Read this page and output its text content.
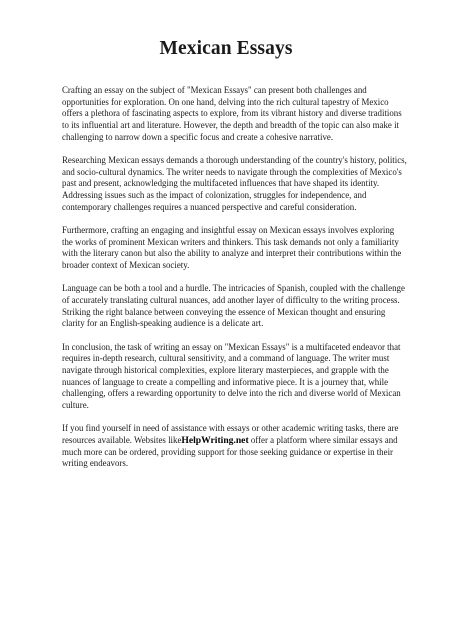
Mexican Essays

Crafting an essay on the subject of "Mexican Essays" can present both challenges and opportunities for exploration. On one hand, delving into the rich cultural tapestry of Mexico offers a plethora of fascinating aspects to explore, from its vibrant history and diverse traditions to its influential art and literature. However, the depth and breadth of the topic can also make it challenging to narrow down a specific focus and create a cohesive narrative.

Researching Mexican essays demands a thorough understanding of the country's history, politics, and socio-cultural dynamics. The writer needs to navigate through the complexities of Mexico's past and present, acknowledging the multifaceted influences that have shaped its identity. Addressing issues such as the impact of colonization, struggles for independence, and contemporary challenges requires a nuanced perspective and careful consideration.

Furthermore, crafting an engaging and insightful essay on Mexican essays involves exploring the works of prominent Mexican writers and thinkers. This task demands not only a familiarity with the literary canon but also the ability to analyze and interpret their contributions within the broader context of Mexican society.

Language can be both a tool and a hurdle. The intricacies of Spanish, coupled with the challenge of accurately translating cultural nuances, add another layer of difficulty to the writing process. Striking the right balance between conveying the essence of Mexican thought and ensuring clarity for an English-speaking audience is a delicate art.

In conclusion, the task of writing an essay on "Mexican Essays" is a multifaceted endeavor that requires in-depth research, cultural sensitivity, and a command of language. The writer must navigate through historical complexities, explore literary masterpieces, and grapple with the nuances of language to create a compelling and informative piece. It is a journey that, while challenging, offers a rewarding opportunity to delve into the rich and diverse world of Mexican culture.

If you find yourself in need of assistance with essays or other academic writing tasks, there are resources available. Websites likeHelpWriting.net offer a platform where similar essays and much more can be ordered, providing support for those seeking guidance or expertise in their writing endeavors.
